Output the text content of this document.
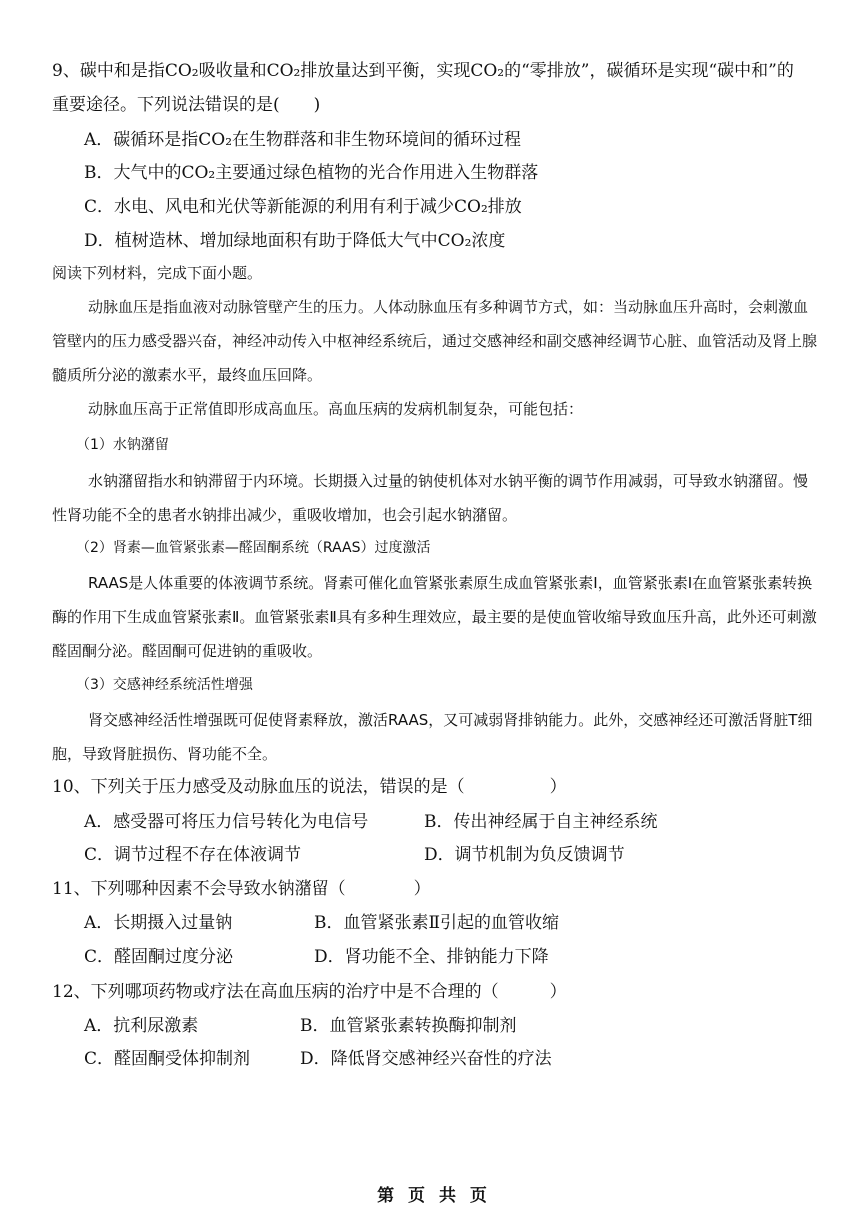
9、碳中和是指CO₂吸收量和CO₂排放量达到平衡，实现CO₂的“零排放”，碳循环是实现“碳中和”的
重要途径。下列说法错误的是(　　)
A．碳循环是指CO₂在生物群落和非生物环境间的循环过程
B．大气中的CO₂主要通过绿色植物的光合作用进入生物群落
C．水电、风电和光伏等新能源的利用有利于减少CO₂排放
D．植树造林、增加绿地面积有助于降低大气中CO₂浓度
阅读下列材料，完成下面小题。
动脉血压是指血液对动脉管壁产生的压力。人体动脉血压有多种调节方式，如：当动脉血压升高时，会刺激血管壁内的压力感受器兴奋，神经冲动传入中枢神经系统后，通过交感神经和副交感神经调节心脏、血管活动及肾上腺髓质所分泌的激素水平，最终血压回降。
动脉血压高于正常值即形成高血压。高血压病的发病机制复杂，可能包括：
（1）水钠潴留
水钠潴留指水和钠滞留于内环境。长期摄入过量的钠使机体对水钠平衡的调节作用减弱，可导致水钠潴留。慢性肾功能不全的患者水钠排出减少，重吸收增加，也会引起水钠潴留。
（2）肾素—血管紧张素—醛固酮系统（RAAS）过度激活
RAAS是人体重要的体液调节系统。肾素可催化血管紧张素原生成血管紧张素Ⅰ，血管紧张素Ⅰ在血管紧张素转换酶的作用下生成血管紧张素Ⅱ。血管紧张素Ⅱ具有多种生理效应，最主要的是使血管收缩导致血压升高，此外还可刺激醛固酮分泌。醛固酮可促进钠的重吸收。
（3）交感神经系统活性增强
肾交感神经活性增强既可促使肾素释放，激活RAAS，又可减弱肾排钠能力。此外，交感神经还可激活肾脏T细胞，导致肾脏损伤、肾功能不全。
10、下列关于压力感受及动脉血压的说法，错误的是（　　　　　）
A．感受器可将压力信号转化为电信号	B．传出神经属于自主神经系统
C．调节过程不存在体液调节	D．调节机制为负反馈调节
11、下列哪种因素不会导致水钠潴留（　　　　）
A．长期摄入过量钠	B．血管紧张素Ⅱ引起的血管收缩
C．醛固酮过度分泌	D．肾功能不全、排钠能力下降
12、下列哪项药物或疗法在高血压病的治疗中是不合理的（　　　）
A．抗利尿激素	B．血管紧张素转换酶抑制剂
C．醛固酮受体抑制剂	D．降低肾交感神经兴奋性的疗法
第 页 共 页
